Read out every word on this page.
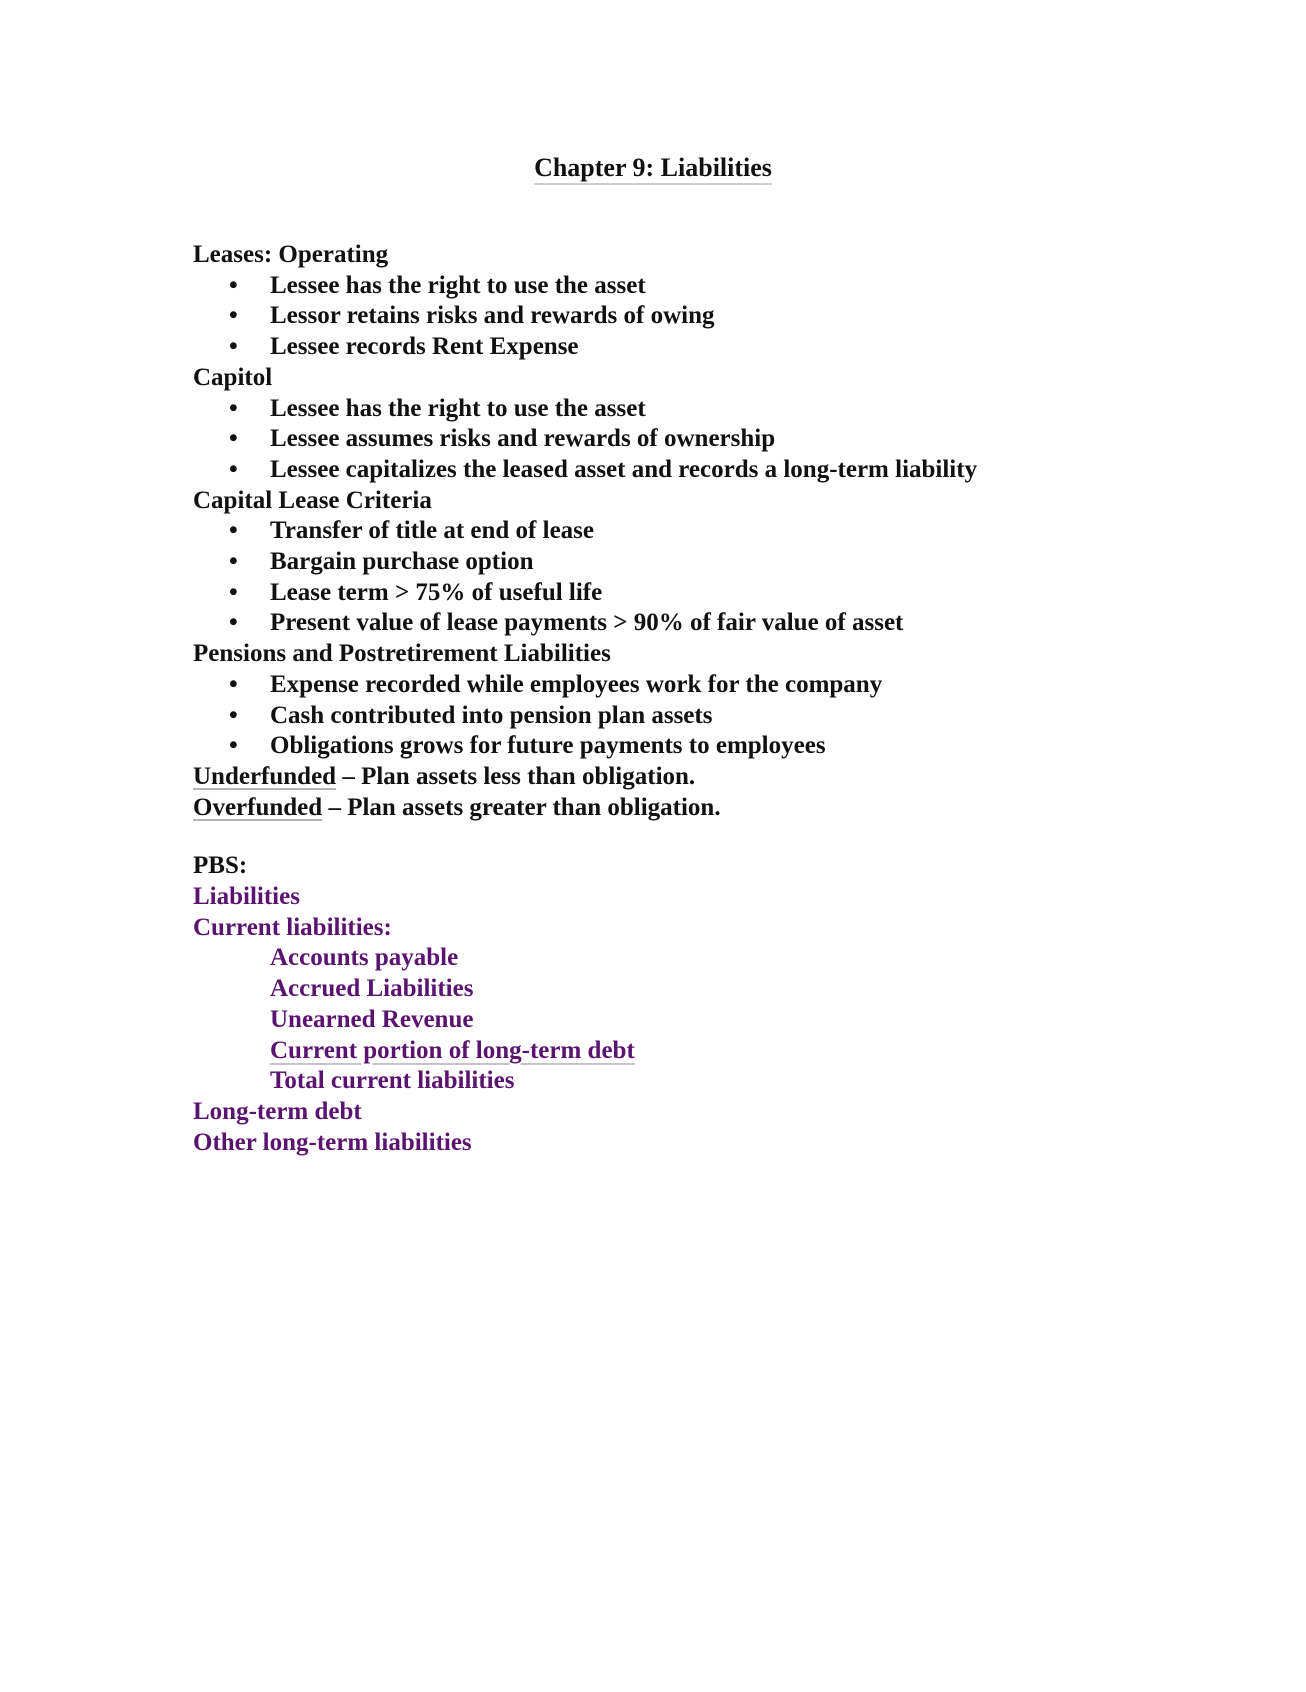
Chapter 9: Liabilities

Leases: Operating

• Lessee has the right to use the asset
• Lessor retains risks and rewards of owing
• Lessee records Rent Expense

Capitol

• Lessee has the right to use the asset
• Lessee assumes risks and rewards of ownership
• Lessee capitalizes the leased asset and records a long-term liability

Capital Lease Criteria

• Transfer of title at end of lease
• Bargain purchase option
• Lease term > 75% of useful life
• Present value of lease payments > 90% of fair value of asset

Pensions and Postretirement Liabilities

• Expense recorded while employees work for the company
• Cash contributed into pension plan assets
• Obligations grows for future payments to employees

Underfunded – Plan assets less than obligation.

Overfunded – Plan assets greater than obligation.

PBS:

Liabilities

Current liabilities:

Accounts payable
Accrued Liabilities
Unearned Revenue
Current portion of long-term debt
Total current liabilities

Long-term debt

Other long-term liabilities
